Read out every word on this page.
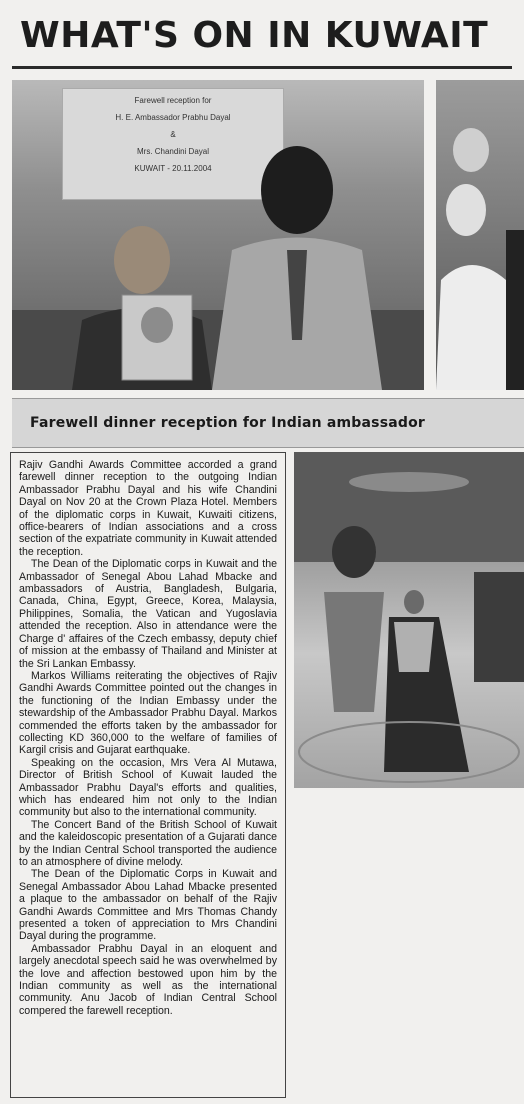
WHAT'S ON IN KUWAIT
Farewell reception for
H. E. Ambassador Prabhu Dayal
&
Mrs. Chandini Dayal
KUWAIT - 20.11.2004
Farewell dinner reception for Indian ambassador

Rajiv Gandhi Awards Committee accorded a grand farewell dinner reception to the outgoing Indian Ambassador Prabhu Dayal and his wife Chandini Dayal on Nov 20 at the Crown Plaza Hotel. Members of the diplomatic corps in Kuwait, Kuwaiti citizens, office-bearers of Indian associations and a cross section of the expatriate community in Kuwait attended the reception.

The Dean of the Diplomatic corps in Kuwait and the Ambassador of Senegal Abou Lahad Mbacke and ambassadors of Austria, Bangladesh, Bulgaria, Canada, China, Egypt, Greece, Korea, Malaysia, Philippines, Somalia, the Vatican and Yugoslavia attended the reception. Also in attendance were the Charge d' affaires of the Czech embassy, deputy chief of mission at the embassy of Thailand and Minister at the Sri Lankan Embassy.

Markos Williams reiterating the objectives of Rajiv Gandhi Awards Committee pointed out the changes in the functioning of the Indian Embassy under the stewardship of the Ambassador Prabhu Dayal. Markos commended the efforts taken by the ambassador for collecting KD 360,000 to the welfare of families of Kargil crisis and Gujarat earthquake.

Speaking on the occasion, Mrs Vera Al Mutawa, Director of British School of Kuwait lauded the Ambassador Prabhu Dayal's efforts and qualities, which has endeared him not only to the Indian community but also to the international community.

The Concert Band of the British School of Kuwait and the kaleidoscopic presentation of a Gujarati dance by the Indian Central School transported the audience to an atmosphere of divine melody.

The Dean of the Diplomatic Corps in Kuwait and Senegal Ambassador Abou Lahad Mbacke presented a plaque to the ambassador on behalf of the Rajiv Gandhi Awards Committee and Mrs Thomas Chandy presented a token of appreciation to Mrs Chandini Dayal during the programme.

Ambassador Prabhu Dayal in an eloquent and largely anecdotal speech said he was overwhelmed by the love and affection bestowed upon him by the Indian community as well as the international community. Anu Jacob of Indian Central School compered the farewell reception.
